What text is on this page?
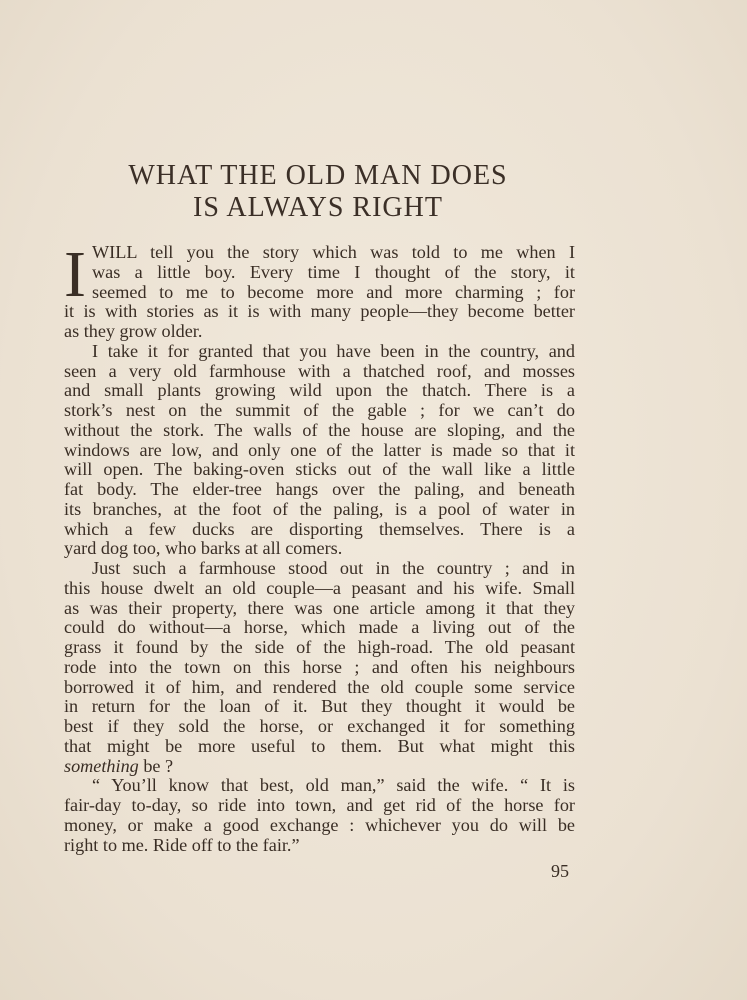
WHAT THE OLD MAN DOES
IS ALWAYS RIGHT
I WILL tell you the story which was told to me when I
was a little boy. Every time I thought of the story, it
seemed to me to become more and more charming ; for
it is with stories as it is with many people—they become better
as they grow older.
I take it for granted that you have been in the country, and
seen a very old farmhouse with a thatched roof, and mosses
and small plants growing wild upon the thatch. There is a
stork’s nest on the summit of the gable ; for we can’t do
without the stork. The walls of the house are sloping, and the
windows are low, and only one of the latter is made so that it
will open. The baking-oven sticks out of the wall like a little
fat body. The elder-tree hangs over the paling, and beneath
its branches, at the foot of the paling, is a pool of water in
which a few ducks are disporting themselves. There is a
yard dog too, who barks at all comers.
Just such a farmhouse stood out in the country ; and in
this house dwelt an old couple—a peasant and his wife. Small
as was their property, there was one article among it that they
could do without—a horse, which made a living out of the
grass it found by the side of the high-road. The old peasant
rode into the town on this horse ; and often his neighbours
borrowed it of him, and rendered the old couple some service
in return for the loan of it. But they thought it would be
best if they sold the horse, or exchanged it for something
that might be more useful to them. But what might this
something be ?
“ You’ll know that best, old man,” said the wife. “ It is
fair-day to-day, so ride into town, and get rid of the horse for
money, or make a good exchange : whichever you do will be
right to me. Ride off to the fair.”
95
